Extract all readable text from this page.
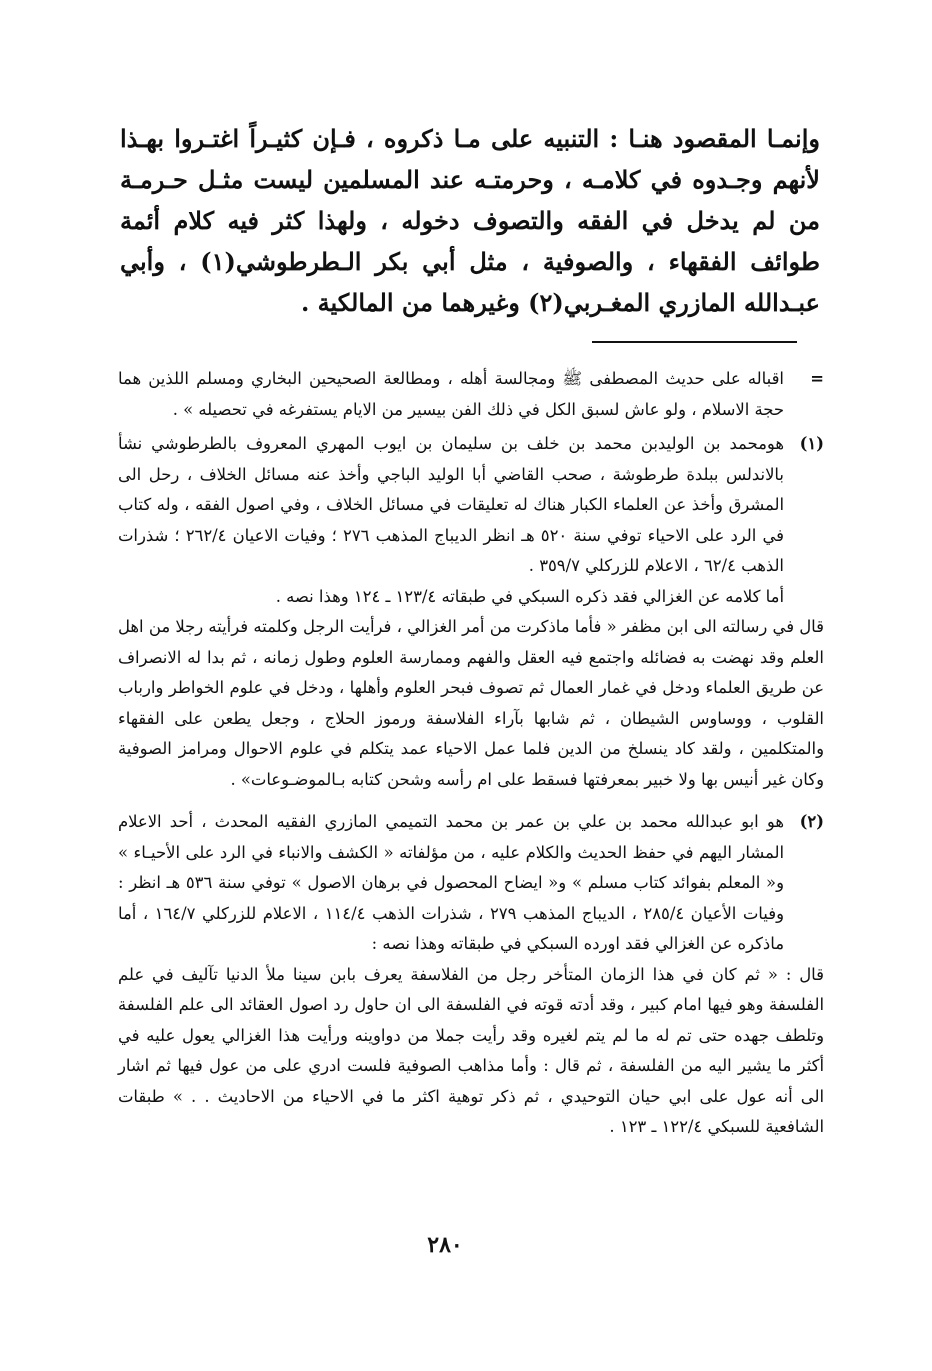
وإنمـا المقصود هنـا : التنبيه على مـا ذكروه ، فـإن كثيـراً اغتـروا بهـذا لأنهم وجـدوه في كلامـه ، وحرمتـه عند المسلمين ليست مثـل حـرمـة من لم يدخل في الفقه والتصوف دخوله ، ولهذا كثر فيه كلام أئمة طوائف الفقهاء ، والصوفية ، مثل أبي بكر الـطرطوشي(١) ، وأبي عبـدالله المازري المغـربي(٢) وغيرهما من المالكية .

=

اقباله على حديث المصطفى ﷺ ومجالسة أهله ، ومطالعة الصحيحين البخاري ومسلم اللذين هما حجة الاسلام ، ولو عاش لسبق الكل في ذلك الفن بيسير من الايام يستفرغه في تحصيله » .

(١)

هومحمد بن الوليدبن محمد بن خلف بن سليمان بن ايوب المهري المعروف بالطرطوشي نشأ بالاندلس ببلدة طرطوشة ، صحب القاضي أبا الوليد الباجي وأخذ عنه مسائل الخلاف ، رحل الى المشرق وأخذ عن العلماء الكبار هناك له تعليقات في مسائل الخلاف ، وفي اصول الفقه ، وله كتاب في الرد على الاحياء توفي سنة ٥٢٠ هـ انظر الديباج المذهب ٢٧٦ ؛ وفيات الاعيان ٢٦٢/٤ ؛ شذرات الذهب ٦٢/٤ ، الاعلام للزركلي ٣٥٩/٧ .

أما كلامه عن الغزالي فقد ذكره السبكي في طبقاته ١٢٣/٤ ـ ١٢٤ وهذا نصه .

قال في رسالته الى ابن مظفر « فأما ماذكرت من أمر الغزالي ، فرأيت الرجل وكلمته فرأيته رجلا من اهل العلم وقد نهضت به فضائله واجتمع فيه العقل والفهم وممارسة العلوم وطول زمانه ، ثم بدا له الانصراف عن طريق العلماء ودخل في غمار العمال ثم تصوف فبحر العلوم وأهلها ، ودخل في علوم الخواطر وارباب القلوب ، ووساوس الشيطان ، ثم شابها بآراء الفلاسفة ورموز الحلاج ، وجعل يطعن على الفقهاء والمتكلمين ، ولقد كاد ينسلخ من الدين فلما عمل الاحياء عمد يتكلم في علوم الاحوال ومرامز الصوفية وكان غير أنيس بها ولا خبير بمعرفتها فسقط على ام رأسه وشحن كتابه بـالموضـوعات» .

(٢)

هو ابو عبدالله محمد بن علي بن عمر بن محمد التميمي المازري الفقيه المحدث ، أحد الاعلام المشار اليهم في حفظ الحديث والكلام عليه ، من مؤلفاته « الكشف والانباء في الرد على الأحيـاء » و« المعلم بفوائد كتاب مسلم » و« ايضاح المحصول في برهان الاصول » توفي سنة ٥٣٦ هـ انظر : وفيات الأعيان ٢٨٥/٤ ، الديباج المذهب ٢٧٩ ، شذرات الذهب ١١٤/٤ ، الاعلام للزركلي ١٦٤/٧ ، أما ماذكره عن الغزالي فقد اورده السبكي في طبقاته وهذا نصه :

قال : « ثم كان في هذا الزمان المتأخر رجل من الفلاسفة يعرف بابن سينا ملأ الدنيا تآليف في علم الفلسفة وهو فيها امام كبير ، وقد أدته قوته في الفلسفة الى ان حاول رد اصول العقائد الى علم الفلسفة وتلطف جهده حتى تم له ما لم يتم لغيره وقد رأيت جملا من دواوينه ورأيت هذا الغزالي يعول عليه في أكثر ما يشير اليه من الفلسفة ، ثم قال : وأما مذاهب الصوفية فلست ادري على من عول فيها ثم اشار الى أنه عول على ابي حيان التوحيدي ، ثم ذكر توهية اكثر ما في الاحياء من الاحاديث . . » طبقات الشافعية للسبكي ١٢٢/٤ ـ ١٢٣ .

٢٨٠
